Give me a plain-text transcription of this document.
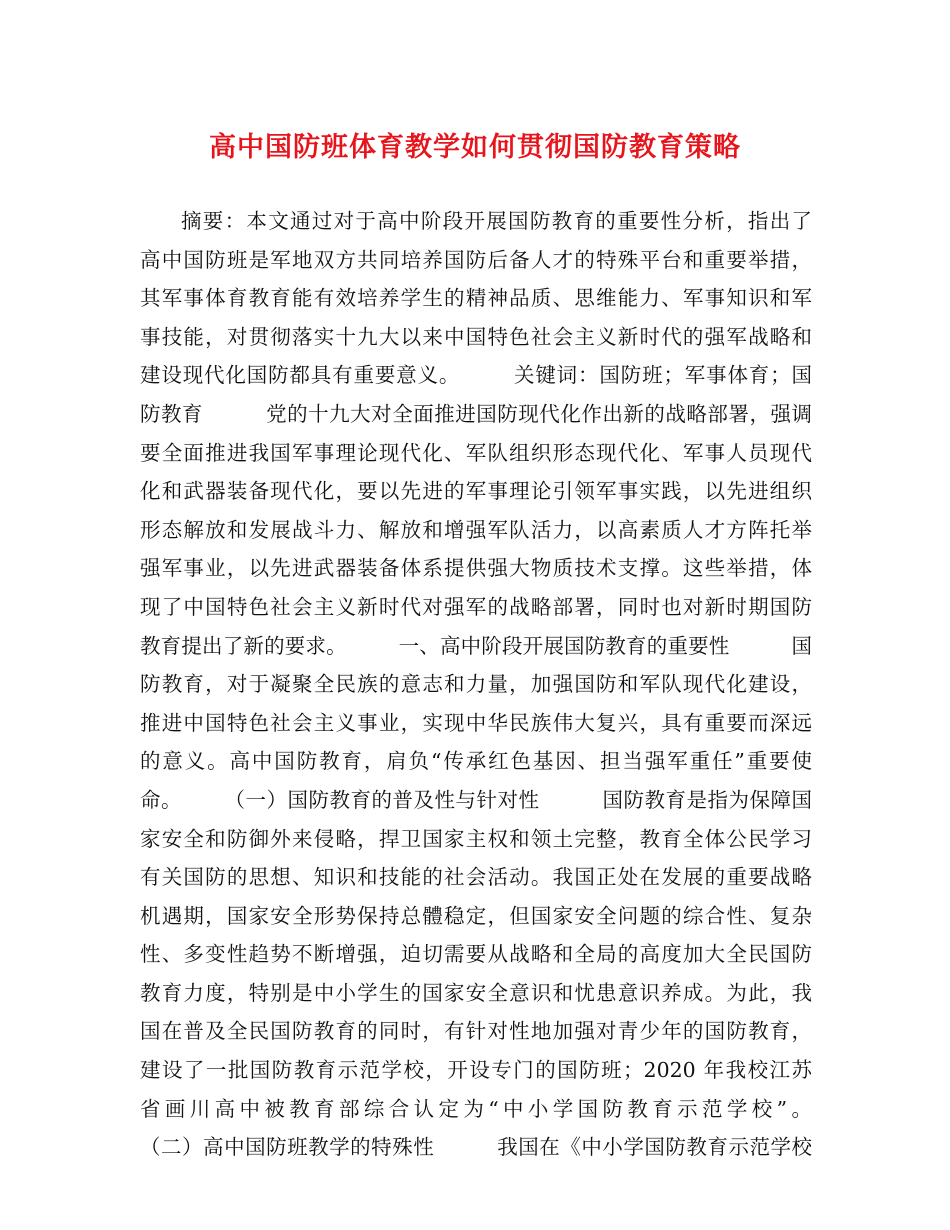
高中国防班体育教学如何贯彻国防教育策略
摘要：本文通过对于高中阶段开展国防教育的重要性分析，指出了
高中国防班是军地双方共同培养国防后备人才的特殊平台和重要举措，
其军事体育教育能有效培养学生的精神品质、思维能力、军事知识和军
事技能，对贯彻落实十九大以来中国特色社会主义新时代的强军战略和
建设现代化国防都具有重要意义。　　　关键词：国防班；军事体育；国
防教育　　　党的十九大对全面推进国防现代化作出新的战略部署，强调
要全面推进我国军事理论现代化、军队组织形态现代化、军事人员现代
化和武器装备现代化，要以先进的军事理论引领军事实践，以先进组织
形态解放和发展战斗力、解放和增强军队活力，以高素质人才方阵托举
强军事业，以先进武器装备体系提供强大物质技术支撑。这些举措，体
现了中国特色社会主义新时代对强军的战略部署，同时也对新时期国防
教育提出了新的要求。　　　一、高中阶段开展国防教育的重要性　　　国
防教育，对于凝聚全民族的意志和力量，加强国防和军队现代化建设，
推进中国特色社会主义事业，实现中华民族伟大复兴，具有重要而深远
的意义。高中国防教育，肩负“传承红色基因、担当强军重任”重要使
命。　　　（一）国防教育的普及性与针对性　　　国防教育是指为保障国
家安全和防御外来侵略，捍卫国家主权和领土完整，教育全体公民学习
有关国防的思想、知识和技能的社会活动。我国正处在发展的重要战略
机遇期，国家安全形势保持总體稳定，但国家安全问题的综合性、复杂
性、多变性趋势不断增强，迫切需要从战略和全局的高度加大全民国防
教育力度，特别是中小学生的国家安全意识和忧患意识养成。为此，我
国在普及全民国防教育的同时，有针对性地加强对青少年的国防教育，
建设了一批国防教育示范学校，开设专门的国防班；2020 年我校江苏
省画川高中被教育部综合认定为“中小学国防教育示范学校”。
（二）高中国防班教学的特殊性　　　我国在《中小学国防教育示范学校
